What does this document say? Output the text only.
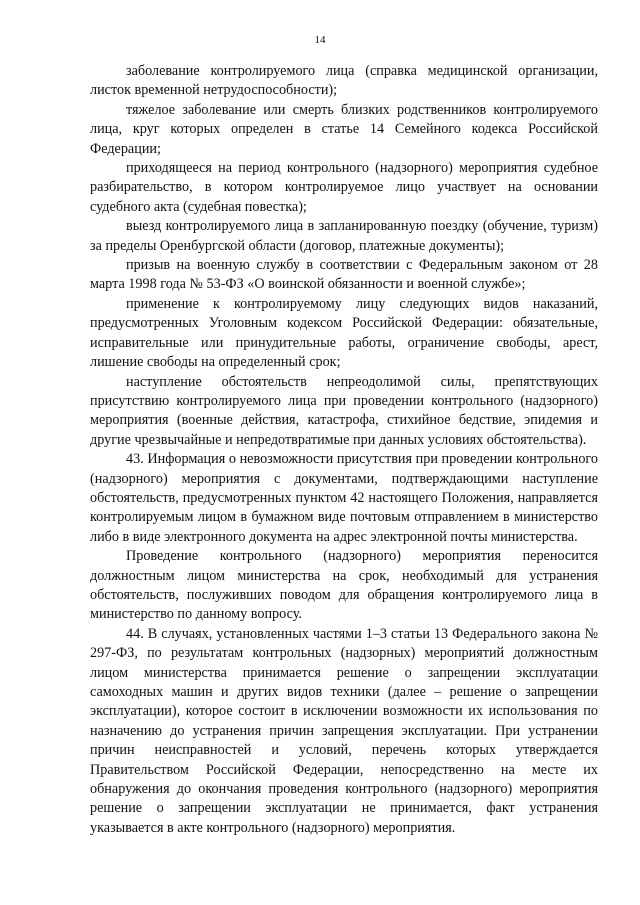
14

заболевание контролируемого лица (справка медицинской организации, листок временной нетрудоспособности);

тяжелое заболевание или смерть близких родственников контролируемого лица, круг которых определен в статье 14 Семейного кодекса Российской Федерации;

приходящееся на период контрольного (надзорного) мероприятия судебное разбирательство, в котором контролируемое лицо участвует на основании судебного акта (судебная повестка);

выезд контролируемого лица в запланированную поездку (обучение, туризм) за пределы Оренбургской области (договор, платежные документы);

призыв на военную службу в соответствии с Федеральным законом от 28 марта 1998 года № 53-ФЗ «О воинской обязанности и военной службе»;

применение к контролируемому лицу следующих видов наказаний, предусмотренных Уголовным кодексом Российской Федерации: обязательные, исправительные или принудительные работы, ограничение свободы, арест, лишение свободы на определенный срок;

наступление обстоятельств непреодолимой силы, препятствующих присутствию контролируемого лица при проведении контрольного (надзорного) мероприятия (военные действия, катастрофа, стихийное бедствие, эпидемия и другие чрезвычайные и непредотвратимые при данных условиях обстоятельства).

43. Информация о невозможности присутствия при проведении контрольного (надзорного) мероприятия с документами, подтверждающими наступление обстоятельств, предусмотренных пунктом 42 настоящего Положения, направляется контролируемым лицом в бумажном виде почтовым отправлением в министерство либо в виде электронного документа на адрес электронной почты министерства.

Проведение контрольного (надзорного) мероприятия переносится должностным лицом министерства на срок, необходимый для устранения обстоятельств, послуживших поводом для обращения контролируемого лица в министерство по данному вопросу.

44. В случаях, установленных частями 1–3 статьи 13 Федерального закона № 297-ФЗ, по результатам контрольных (надзорных) мероприятий должностным лицом министерства принимается решение о запрещении эксплуатации самоходных машин и других видов техники (далее – решение о запрещении эксплуатации), которое состоит в исключении возможности их использования по назначению до устранения причин запрещения эксплуатации. При устранении причин неисправностей и условий, перечень которых утверждается Правительством Российской Федерации, непосредственно на месте их обнаружения до окончания проведения контрольного (надзорного) мероприятия решение о запрещении эксплуатации не принимается, факт устранения указывается в акте контрольного (надзорного) мероприятия.
